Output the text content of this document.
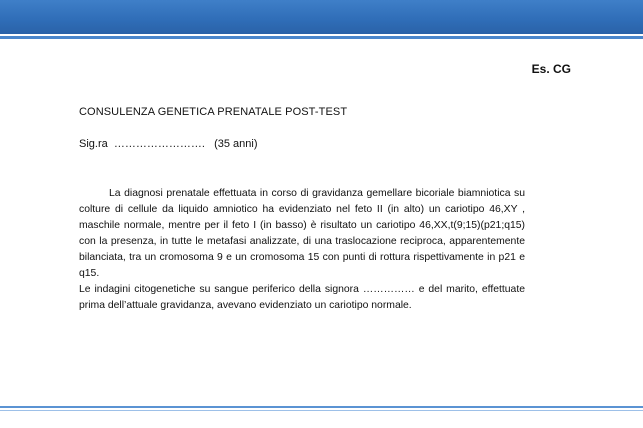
Es. CG
CONSULENZA GENETICA PRENATALE POST-TEST
Sig.ra  …………………….   (35 anni)

La diagnosi prenatale effettuata in corso di gravidanza gemellare bicoriale biamniotica su colture di cellule da liquido amniotico ha evidenziato nel feto II (in alto) un cariotipo 46,XY , maschile normale, mentre per il feto I (in basso) è risultato un cariotipo 46,XX,t(9;15)(p21;q15) con la presenza, in tutte le metafasi analizzate, di una traslocazione reciproca, apparentemente bilanciata, tra un cromosoma 9 e un cromosoma 15 con punti di rottura rispettivamente in p21 e q15.

Le indagini citogenetiche su sangue periferico della signora …………… e del marito, effettuate prima dell’attuale gravidanza, avevano evidenziato un cariotipo normale.
